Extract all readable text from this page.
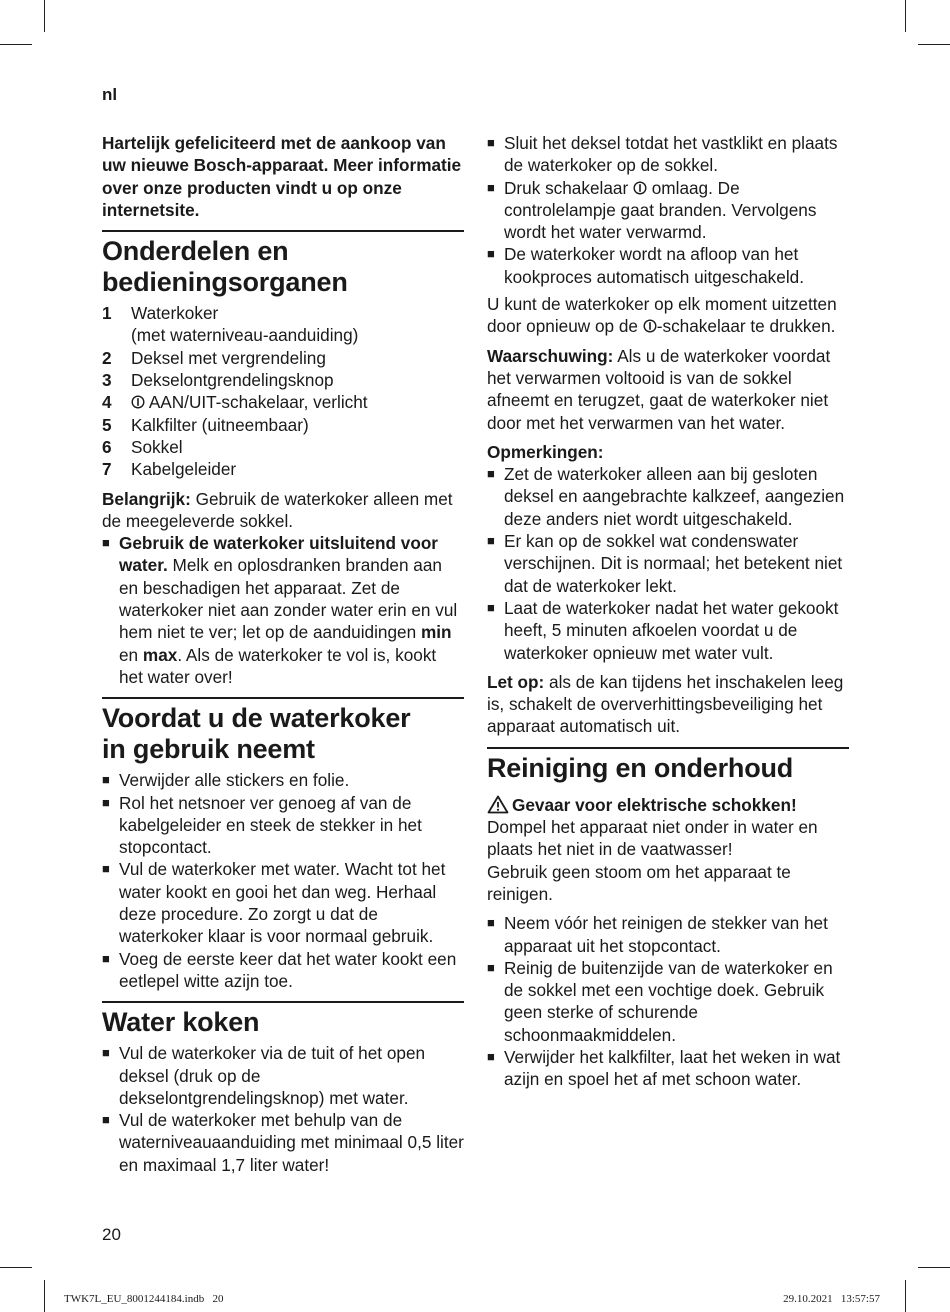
nl

Hartelijk gefeliciteerd met de aankoop van uw nieuwe Bosch-apparaat. Meer informatie over onze producten vindt u op onze internetsite.

Onderdelen en
bedieningsorganen
1	Waterkoker
(met waterniveau-aanduiding)
2	Deksel met vergrendeling
3	Dekselontgrendelingsknop
4	AAN/UIT-schakelaar, verlicht
5	Kalkfilter (uitneembaar)
6	Sokkel
7	Kabelgeleider

Belangrijk: Gebruik de waterkoker alleen met de meegeleverde sokkel.

■ Gebruik de waterkoker uitsluitend voor water. Melk en oplosdranken branden aan en beschadigen het apparaat. Zet de waterkoker niet aan zonder water erin en vul hem niet te ver; let op de aanduidingen min en max. Als de waterkoker te vol is, kookt het water over!
Voordat u de waterkoker
in gebruik neemt
■ Verwijder alle stickers en folie.
■ Rol het netsnoer ver genoeg af van de kabelgeleider en steek de stekker in het stopcontact.
■ Vul de waterkoker met water. Wacht tot het water kookt en gooi het dan weg. Herhaal deze procedure. Zo zorgt u dat de waterkoker klaar is voor normaal gebruik.
■ Voeg de eerste keer dat het water kookt een eetlepel witte azijn toe.
Water koken
■ Vul de waterkoker via de tuit of het open deksel (druk op de dekselontgrendelingsknop) met water.
■ Vul de waterkoker met behulp van de waterniveauaanduiding met minimaal 0,5 liter en maximaal 1,7 liter water!
■ Sluit het deksel totdat het vastklikt en plaats de waterkoker op de sokkel.
■ Druk schakelaar  omlaag. De controlelampje gaat branden. Vervolgens wordt het water verwarmd.
■ De waterkoker wordt na afloop van het kookproces automatisch uitgeschakeld.

U kunt de waterkoker op elk moment uitzetten door opnieuw op de -schakelaar te drukken.

Waarschuwing: Als u de waterkoker voordat het verwarmen voltooid is van de sokkel afneemt en terugzet, gaat de waterkoker niet door met het verwarmen van het water.

Opmerkingen:

■ Zet de waterkoker alleen aan bij gesloten deksel en aangebrachte kalkzeef, aangezien deze anders niet wordt uitgeschakeld.
■ Er kan op de sokkel wat condenswater verschijnen. Dit is normaal; het betekent niet dat de waterkoker lekt.
■ Laat de waterkoker nadat het water gekookt heeft, 5 minuten afkoelen voordat u de waterkoker opnieuw met water vult.

Let op: als de kan tijdens het inschakelen leeg is, schakelt de oververhittingsbeveiliging het apparaat automatisch uit.

Reiniging en onderhoud

Gevaar voor elektrische schokken!

Dompel het apparaat niet onder in water en plaats het niet in de vaatwasser!

Gebruik geen stoom om het apparaat te reinigen.

■ Neem vóór het reinigen de stekker van het apparaat uit het stopcontact.
■ Reinig de buitenzijde van de waterkoker en de sokkel met een vochtige doek. Gebruik geen sterke of schurende schoonmaakmiddelen.
■ Verwijder het kalkfilter, laat het weken in wat azijn en spoel het af met schoon water.
20
TWK7L_EU_8001244184.indb   20	29.10.2021   13:57:57
